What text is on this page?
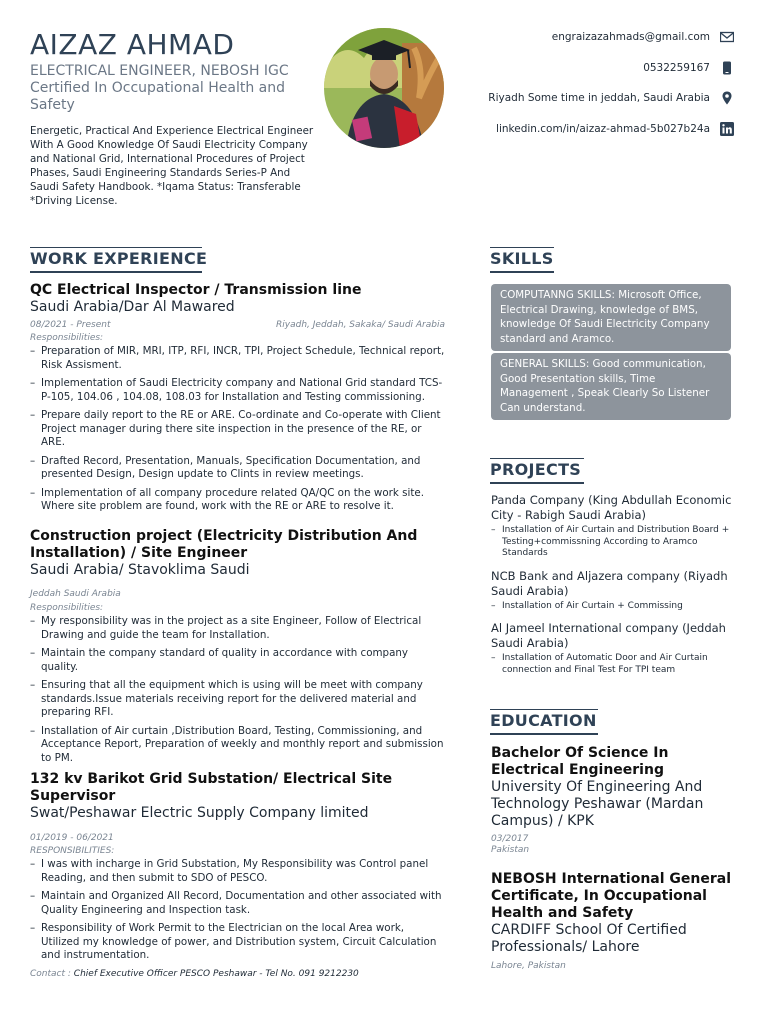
AIZAZ AHMAD
ELECTRICAL ENGINEER, NEBOSH IGC Certified In Occupational Health and Safety
Energetic, Practical And Experience Electrical Engineer With A Good Knowledge Of Saudi Electricity Company and National Grid, International Procedures of Project Phases, Saudi Engineering Standards Series-P And Saudi Safety Handbook. *Iqama Status: Transferable *Driving License.
engraizazahmads@gmail.com
0532259167
Riyadh Some time in jeddah, Saudi Arabia
linkedin.com/in/aizaz-ahmad-5b027b24a
WORK EXPERIENCE
QC Electrical Inspector / Transmission line
Saudi Arabia/Dar Al Mawared
08/2021 - Present	Riyadh, Jeddah, Sakaka/ Saudi Arabia
Responsibilities:
– Preparation of MIR, MRI, ITP, RFI, INCR, TPI, Project Schedule, Technical report, Risk Assisment.
– Implementation of Saudi Electricity company and National Grid standard TCS-P-105, 104.06 , 104.08, 108.03 for Installation and Testing commissioning.
– Prepare daily report to the RE or ARE. Co-ordinate and Co-operate with Client Project manager during there site inspection in the presence of the RE, or ARE.
– Drafted Record, Presentation, Manuals, Specification Documentation, and presented Design, Design update to Clints in review meetings.
– Implementation of all company procedure related QA/QC on the work site. Where site problem are found, work with the RE or ARE to resolve it.
Construction project (Electricity Distribution And Installation) / Site Engineer
Saudi Arabia/ Stavoklima Saudi
Jeddah Saudi Arabia
Responsibilities:
– My responsibility was in the project as a site Engineer, Follow of Electrical Drawing and guide the team for Installation.
– Maintain the company standard of quality in accordance with company quality.
– Ensuring that all the equipment which is using will be meet with company standards.Issue materials receiving report for the delivered material and preparing RFI.
– Installation of Air curtain ,Distribution Board, Testing, Commissioning, and Acceptance Report, Preparation of weekly and monthly report and submission to PM.
132 kv Barikot Grid Substation/ Electrical Site Supervisor
Swat/Peshawar Electric Supply Company limited
01/2019 - 06/2021
RESPONSIBILITIES:
– I was with incharge in Grid Substation, My Responsibility was Control panel Reading, and then submit to SDO of PESCO.
– Maintain and Organized All Record, Documentation and other associated with Quality Engineering and Inspection task.
– Responsibility of Work Permit to the Electrician on the local Area work, Utilized my knowledge of power, and Distribution system, Circuit Calculation and instrumentation.
Contact : Chief Executive Officer PESCO Peshawar - Tel No. 091 9212230
SKILLS
COMPUTANNG SKILLS: Microsoft Office, Electrical Drawing, knowledge of BMS, knowledge Of Saudi Electricity Company standard and Aramco.
GENERAL SKILLS: Good communication, Good Presentation skills, Time Management , Speak Clearly So Listener Can understand.
PROJECTS
Panda Company (King Abdullah Economic City - Rabigh Saudi Arabia)
– Installation of Air Curtain and Distribution Board + Testing+commissning According to Aramco Standards
NCB Bank and Aljazera company (Riyadh Saudi Arabia)
– Installation of Air Curtain + Commissing
Al Jameel International company (Jeddah Saudi Arabia)
– Installation of Automatic Door and Air Curtain connection and Final Test For TPI team
EDUCATION
Bachelor Of Science In Electrical Engineering
University Of Engineering And Technology Peshawar (Mardan Campus) / KPK
03/2017
Pakistan
NEBOSH International General Certificate, In Occupational Health and Safety
CARDIFF School Of Certified Professionals/ Lahore
Lahore, Pakistan
